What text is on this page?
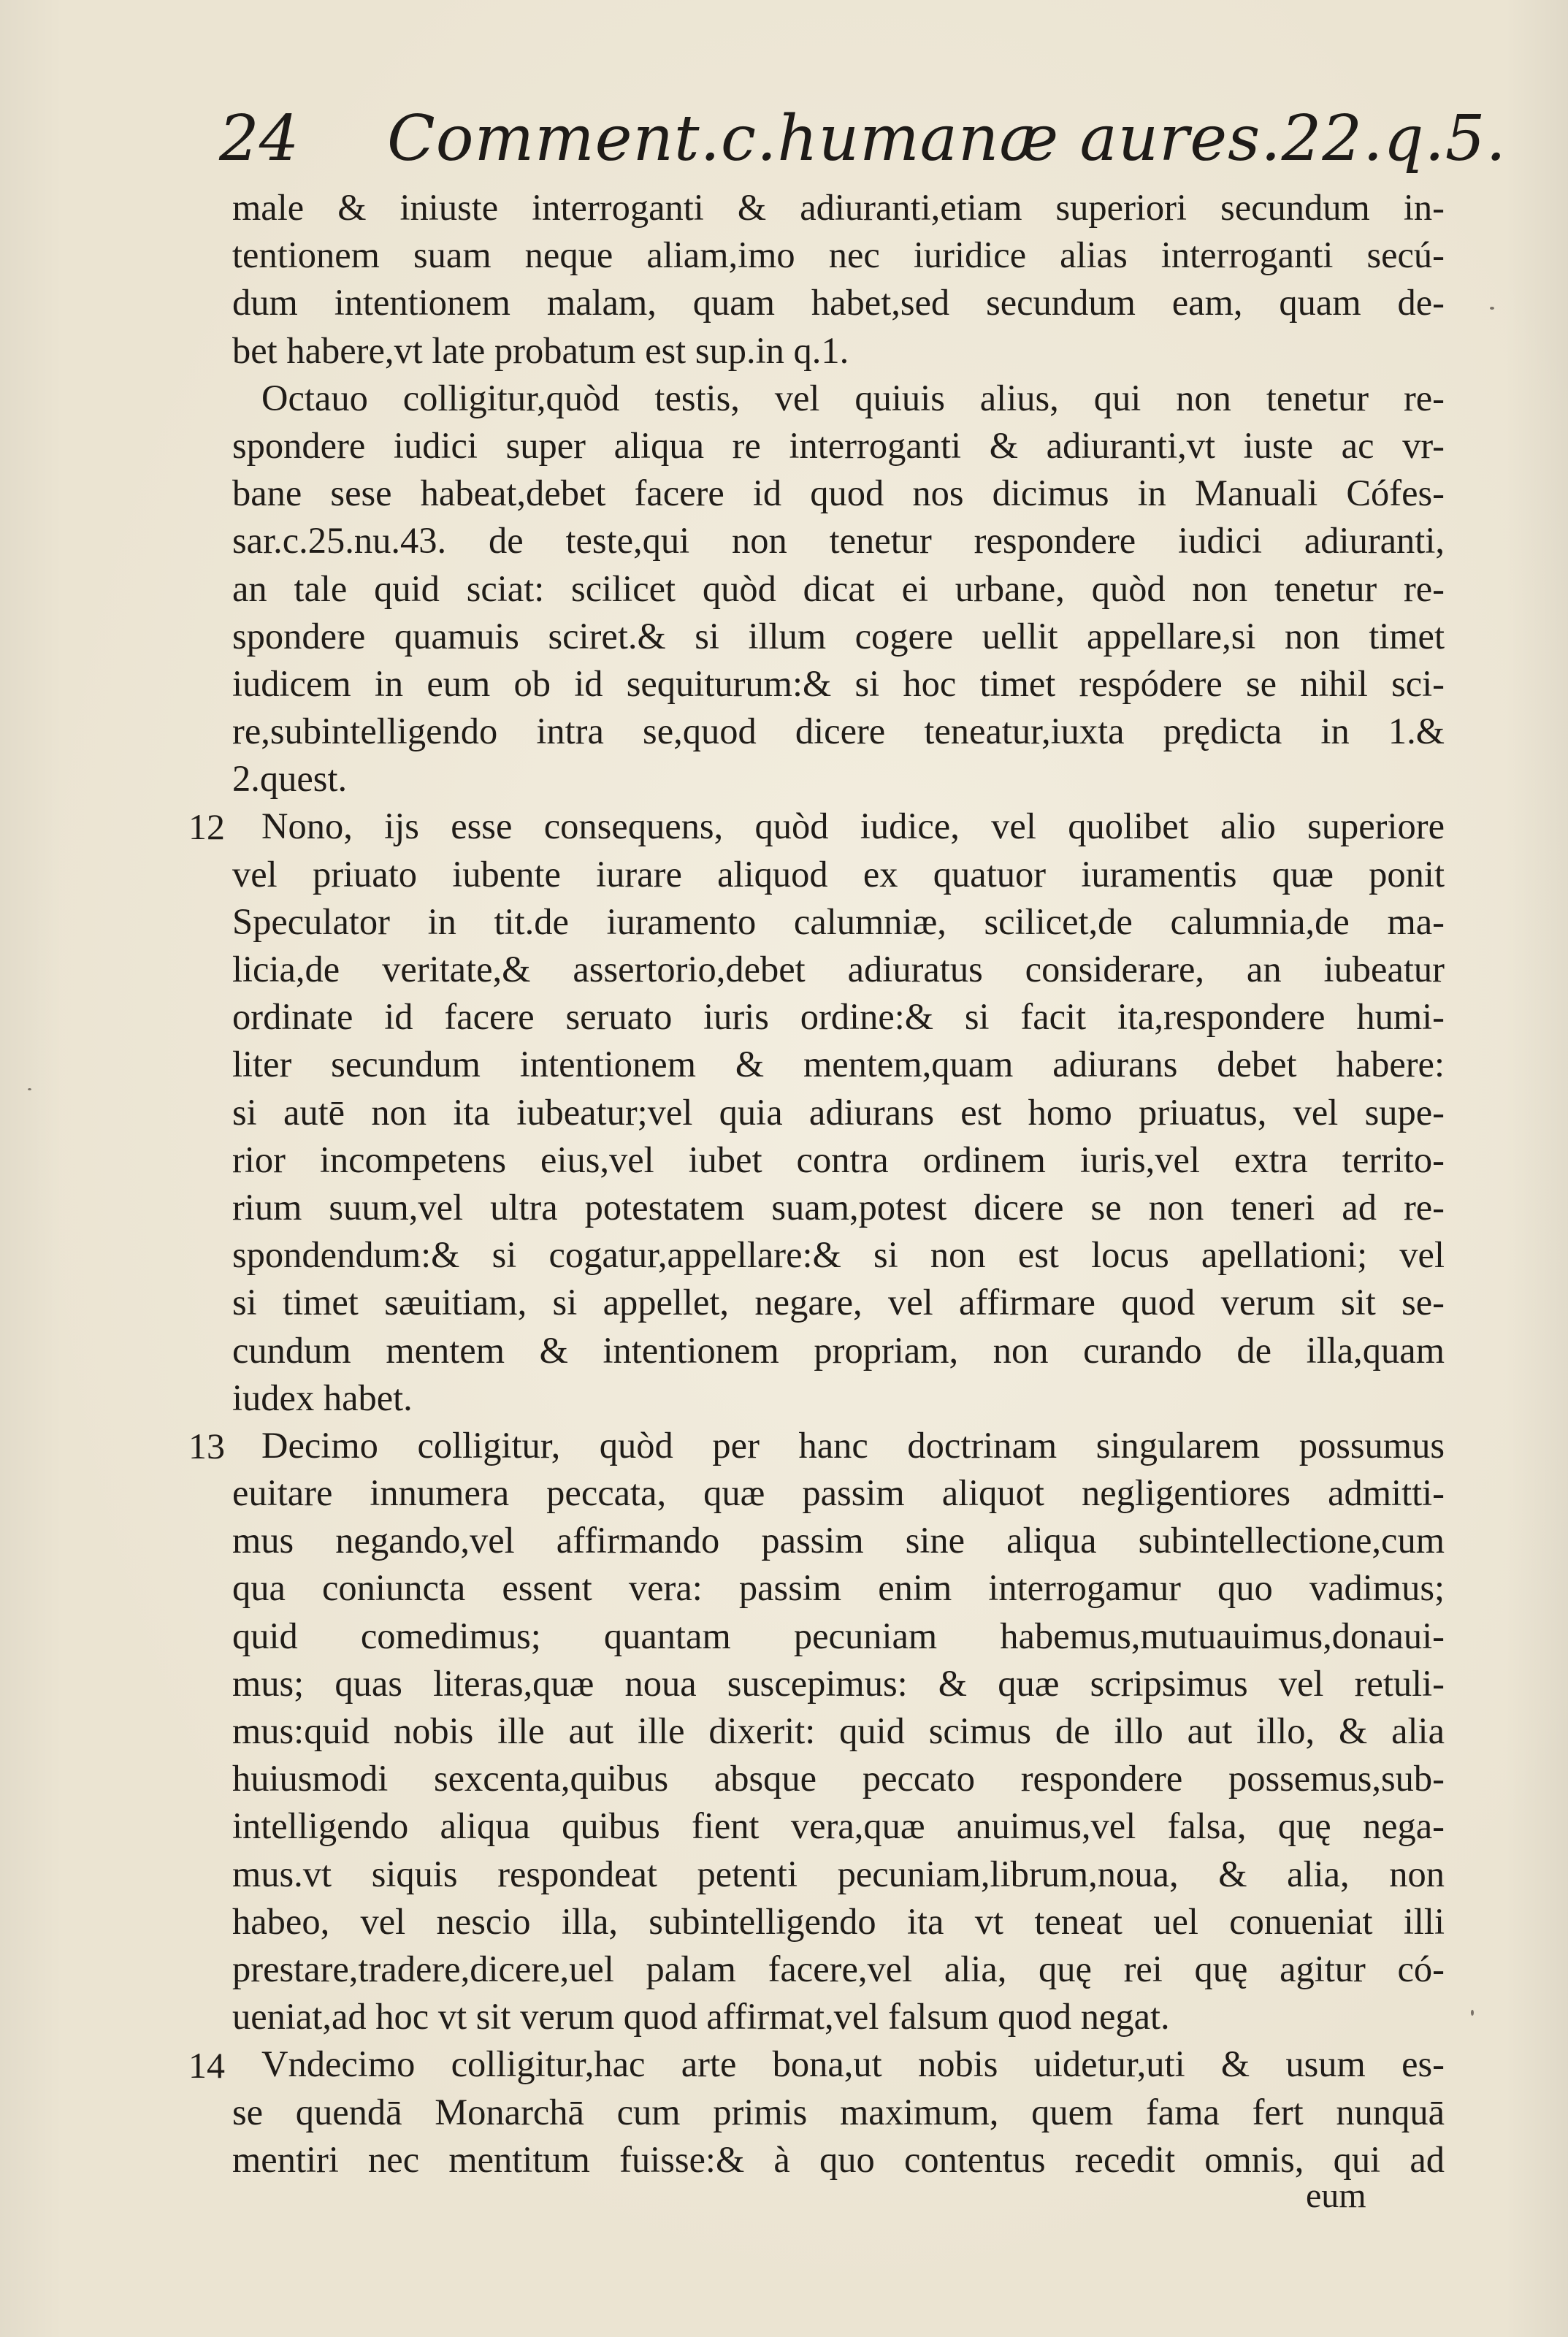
24 Comment.c.humanæ aures.22.q.5.
male & iniuste interroganti & adiuranti,etiam superiori secundum in-
tentionem suam neque aliam,imo nec iuridice alias interroganti secú-
dum intentionem malam, quam habet,sed secundum eam, quam de-
bet habere,vt late probatum est sup.in q.1.
Octauo colligitur,quòd testis, vel quiuis alius, qui non tenetur re-
spondere iudici super aliqua re interroganti & adiuranti,vt iuste ac vr-
bane sese habeat,debet facere id quod nos dicimus in Manuali Cófes-
sar.c.25.nu.43. de teste,qui non tenetur respondere iudici adiuranti,
an tale quid sciat: scilicet quòd dicat ei urbane, quòd non tenetur re-
spondere quamuis sciret.& si illum cogere uellit appellare,si non timet
iudicem in eum ob id sequiturum:& si hoc timet respódere se nihil sci-
re,subintelligendo intra se,quod dicere teneatur,iuxta prędicta in 1.&
2.quest.
Nono, ijs esse consequens, quòd iudice, vel quolibet alio superiore
vel priuato iubente iurare aliquod ex quatuor iuramentis quæ ponit
Speculator in tit.de iuramento calumniæ, scilicet,de calumnia,de ma-
licia,de veritate,& assertorio,debet adiuratus considerare, an iubeatur
ordinate id facere seruato iuris ordine:& si facit ita,respondere humi-
liter secundum intentionem & mentem,quam adiurans debet habere:
si autē non ita iubeatur;vel quia adiurans est homo priuatus, vel supe-
rior incompetens eius,vel iubet contra ordinem iuris,vel extra territo-
rium suum,vel ultra potestatem suam,potest dicere se non teneri ad re-
spondendum:& si cogatur,appellare:& si non est locus apellationi; vel
si timet sæuitiam, si appellet, negare, vel affirmare quod verum sit se-
cundum mentem & intentionem propriam, non curando de illa,quam
iudex habet.
Decimo colligitur, quòd per hanc doctrinam singularem possumus
euitare innumera peccata, quæ passim aliquot negligentiores admitti-
mus negando,vel affirmando passim sine aliqua subintellectione,cum
qua coniuncta essent vera: passim enim interrogamur quo vadimus;
quid comedimus; quantam pecuniam habemus,mutuauimus,donaui-
mus; quas literas,quæ noua suscepimus: & quæ scripsimus vel retuli-
mus:quid nobis ille aut ille dixerit: quid scimus de illo aut illo, & alia
huiusmodi sexcenta,quibus absque peccato respondere possemus,sub-
intelligendo aliqua quibus fient vera,quæ anuimus,vel falsa, quę nega-
mus.vt siquis respondeat petenti pecuniam,librum,noua, & alia, non
habeo, vel nescio illa, subintelligendo ita vt teneat uel conueniat illi
prestare,tradere,dicere,uel palam facere,vel alia, quę rei quę agitur có-
ueniat,ad hoc vt sit verum quod affirmat,vel falsum quod negat.
Vndecimo colligitur,hac arte bona,ut nobis uidetur,uti & usum es-
se quendā Monarchā cum primis maximum, quem fama fert nunquā
mentiri nec mentitum fuisse:& à quo contentus recedit omnis, qui ad
12
13
14
eum
